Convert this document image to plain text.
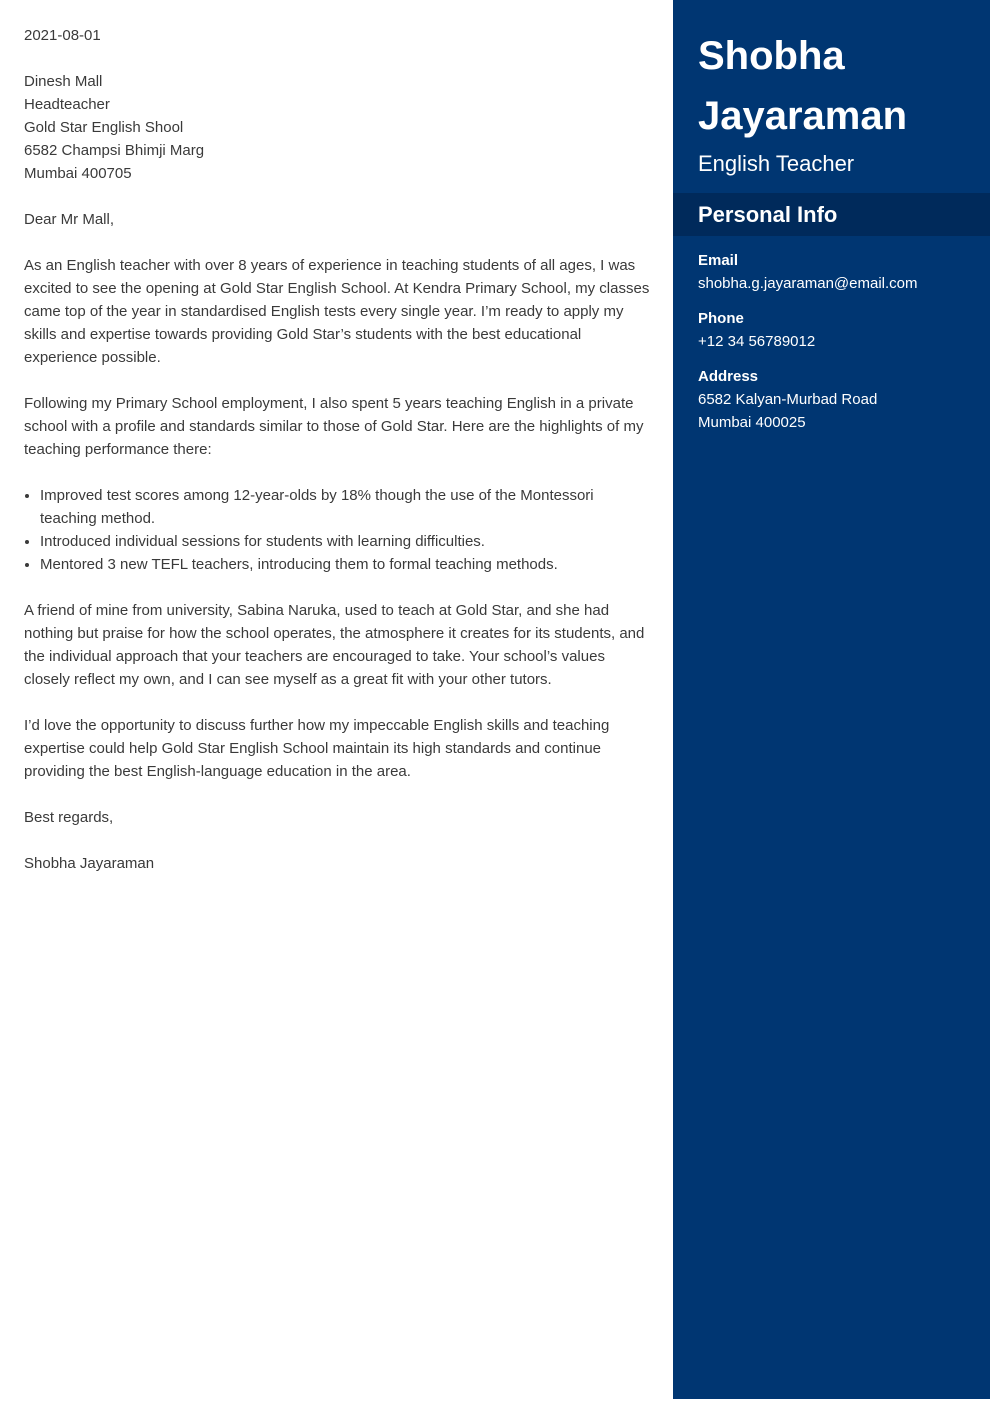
2021-08-01

Dinesh Mall

Headteacher

Gold Star English Shool

6582 Champsi Bhimji Marg

Mumbai 400705

Dear Mr Mall,

As an English teacher with over 8 years of experience in teaching students of all ages, I was excited to see the opening at Gold Star English School. At Kendra Primary School, my classes came top of the year in standardised English tests every single year. I’m ready to apply my skills and expertise towards providing Gold Star’s students with the best educational experience possible.

Following my Primary School employment, I also spent 5 years teaching English in a private school with a profile and standards similar to those of Gold Star. Here are the highlights of my teaching performance there:

• Improved test scores among 12-year-olds by 18% though the use of the Montessori teaching method.
• Introduced individual sessions for students with learning difficulties.
• Mentored 3 new TEFL teachers, introducing them to formal teaching methods.

A friend of mine from university, Sabina Naruka, used to teach at Gold Star, and she had nothing but praise for how the school operates, the atmosphere it creates for its students, and the individual approach that your teachers are encouraged to take. Your school’s values closely reflect my own, and I can see myself as a great fit with your other tutors.

I’d love the opportunity to discuss further how my impeccable English skills and teaching expertise could help Gold Star English School maintain its high standards and continue providing the best English-language education in the area.

Best regards,

Shobha Jayaraman

Shobha
Jayaraman
English Teacher
Personal Info
Email
shobha.g.jayaraman@email.com
Phone
+12 34 56789012
Address
6582 Kalyan-Murbad Road
Mumbai 400025
